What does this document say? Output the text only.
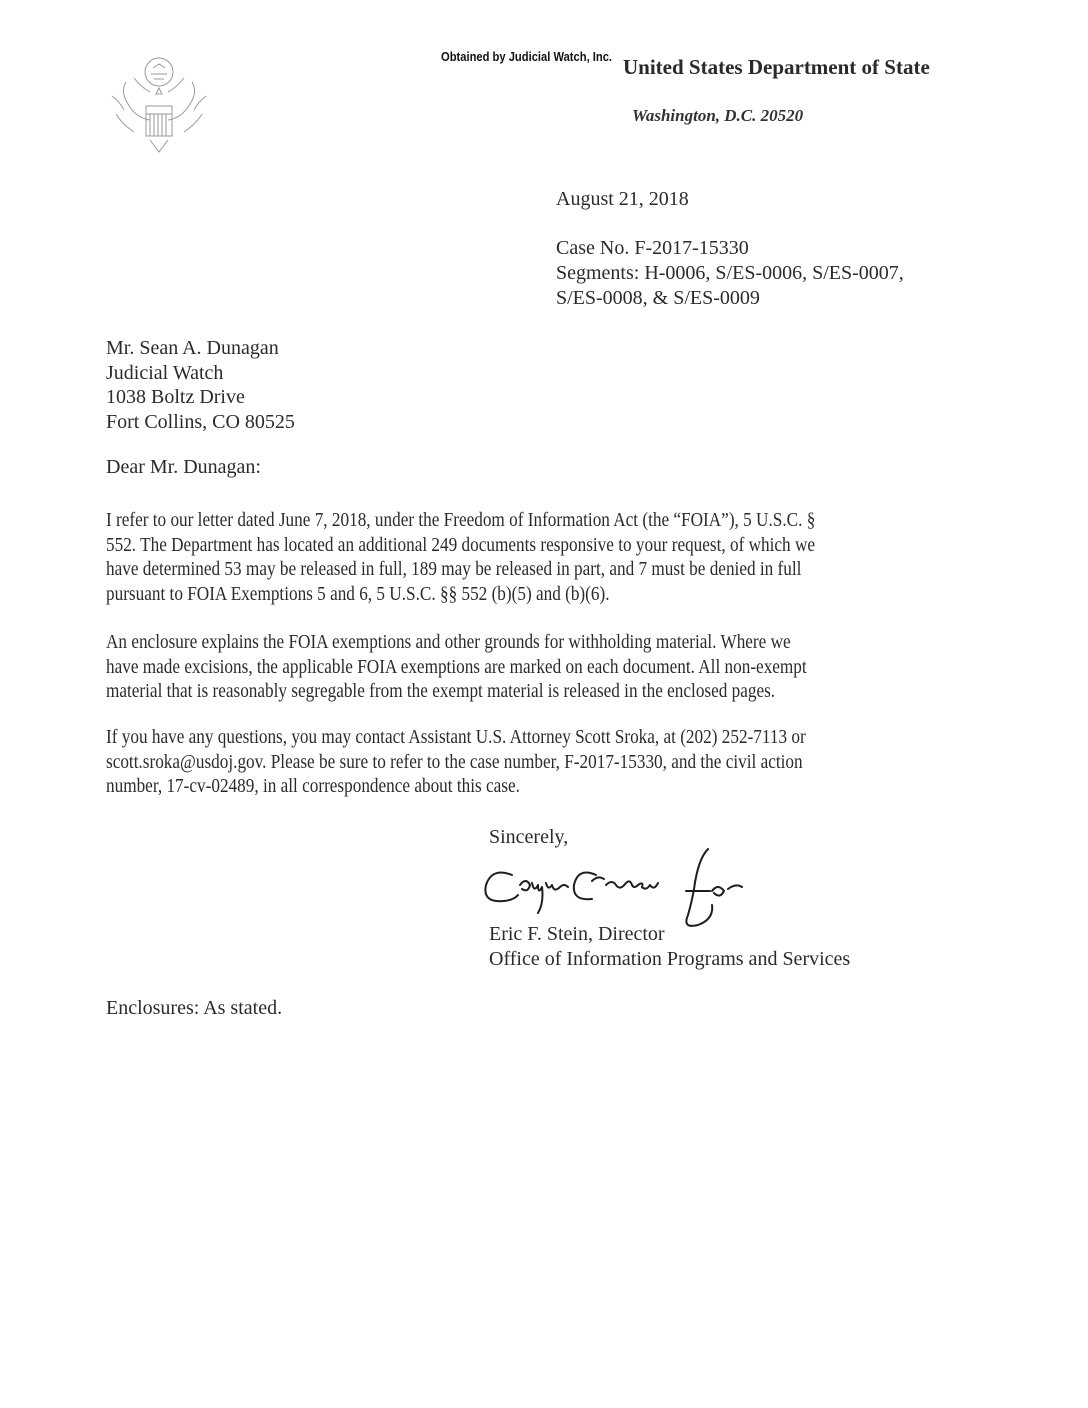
Obtained by Judicial Watch, Inc. United States Department of State
Washington, D.C. 20520
August 21, 2018
Case No. F-2017-15330
Segments: H-0006, S/ES-0006, S/ES-0007,
S/ES-0008, & S/ES-0009
Mr. Sean A. Dunagan
Judicial Watch
1038 Boltz Drive
Fort Collins, CO 80525
Dear Mr. Dunagan:
I refer to our letter dated June 7, 2018, under the Freedom of Information Act (the “FOIA”), 5 U.S.C. §
552. The Department has located an additional 249 documents responsive to your request, of which we
have determined 53 may be released in full, 189 may be released in part, and 7 must be denied in full
pursuant to FOIA Exemptions 5 and 6, 5 U.S.C. §§ 552 (b)(5) and (b)(6).
An enclosure explains the FOIA exemptions and other grounds for withholding material. Where we
have made excisions, the applicable FOIA exemptions are marked on each document. All non-exempt
material that is reasonably segregable from the exempt material is released in the enclosed pages.
If you have any questions, you may contact Assistant U.S. Attorney Scott Sroka, at (202) 252-7113 or
scott.sroka@usdoj.gov. Please be sure to refer to the case number, F-2017-15330, and the civil action
number, 17-cv-02489, in all correspondence about this case.
Sincerely,
Eric F. Stein, Director
Office of Information Programs and Services
Enclosures: As stated.
